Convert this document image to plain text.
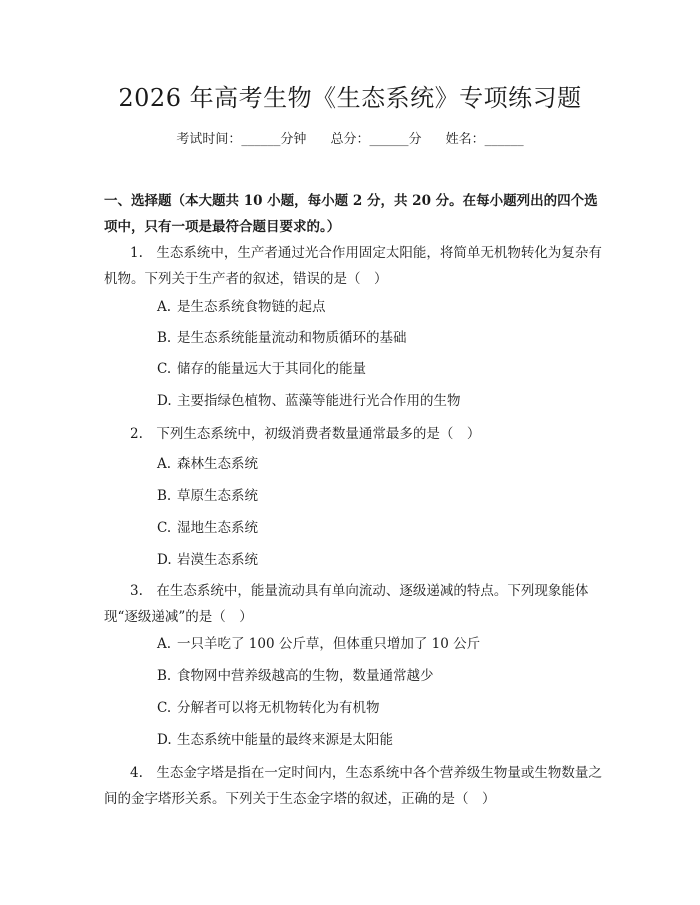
2026 年高考生物《生态系统》专项练习题
考试时间：______分钟 总分：______分 姓名：______
一、选择题（本大题共 10 小题，每小题 2 分，共 20 分。在每小题列出的四个选项中，只有一项是最符合题目要求的。）
1.　生态系统中，生产者通过光合作用固定太阳能，将简单无机物转化为复杂有机物。下列关于生产者的叙述，错误的是（　）
A. 是生态系统食物链的起点
B. 是生态系统能量流动和物质循环的基础
C. 储存的能量远大于其同化的能量
D. 主要指绿色植物、蓝藻等能进行光合作用的生物
2.　下列生态系统中，初级消费者数量通常最多的是（　）
A. 森林生态系统
B. 草原生态系统
C. 湿地生态系统
D. 岩漠生态系统
3.　在生态系统中，能量流动具有单向流动、逐级递减的特点。下列现象能体现“逐级递减”的是（　）
A. 一只羊吃了 100 公斤草，但体重只增加了 10 公斤
B. 食物网中营养级越高的生物，数量通常越少
C. 分解者可以将无机物转化为有机物
D. 生态系统中能量的最终来源是太阳能
4.　生态金字塔是指在一定时间内，生态系统中各个营养级生物量或生物数量之间的金字塔形关系。下列关于生态金字塔的叙述，正确的是（　）
